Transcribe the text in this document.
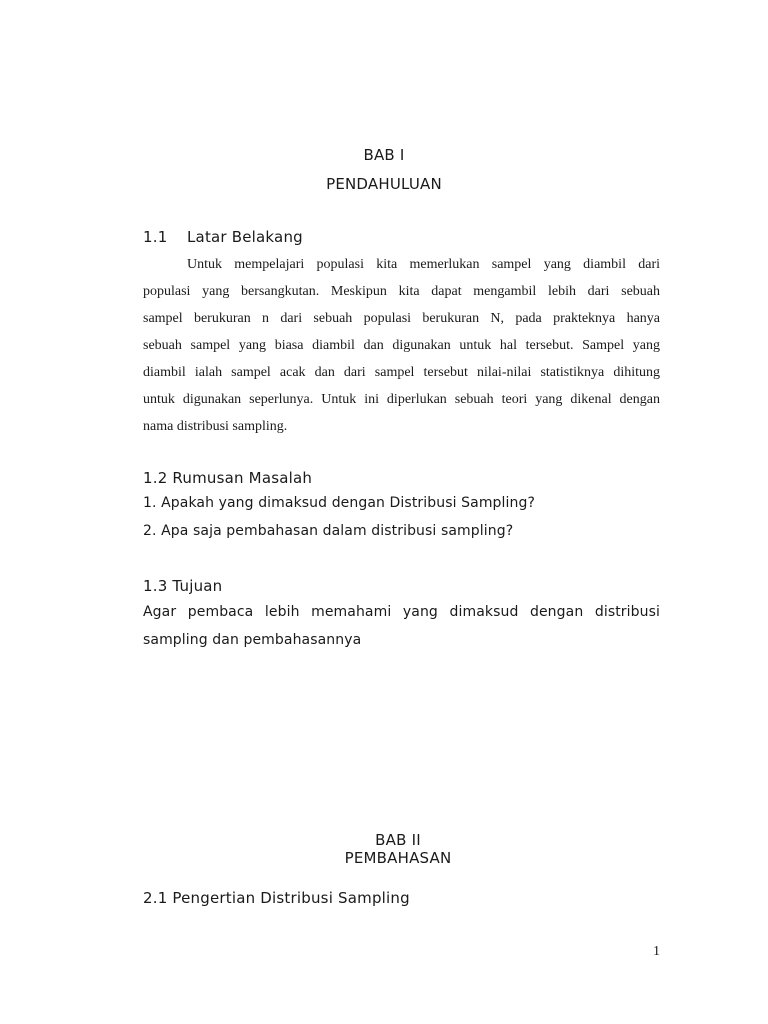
BAB I
PENDAHULUAN
1.1 Latar Belakang
Untuk mempelajari populasi kita memerlukan sampel yang diambil dari
populasi yang bersangkutan. Meskipun kita dapat mengambil lebih dari sebuah
sampel berukuran n dari sebuah populasi berukuran N, pada prakteknya hanya
sebuah sampel yang biasa diambil dan digunakan untuk hal tersebut. Sampel yang
diambil ialah sampel acak dan dari sampel tersebut nilai-nilai statistiknya dihitung
untuk digunakan seperlunya. Untuk ini diperlukan sebuah teori yang dikenal dengan
nama distribusi sampling.
1.2 Rumusan Masalah
1. Apakah yang dimaksud dengan Distribusi Sampling?
2. Apa saja pembahasan dalam distribusi sampling?
1.3 Tujuan
Agar pembaca lebih memahami yang dimaksud dengan distribusi
sampling dan pembahasannya
BAB II
PEMBAHASAN
2.1 Pengertian Distribusi Sampling
1
